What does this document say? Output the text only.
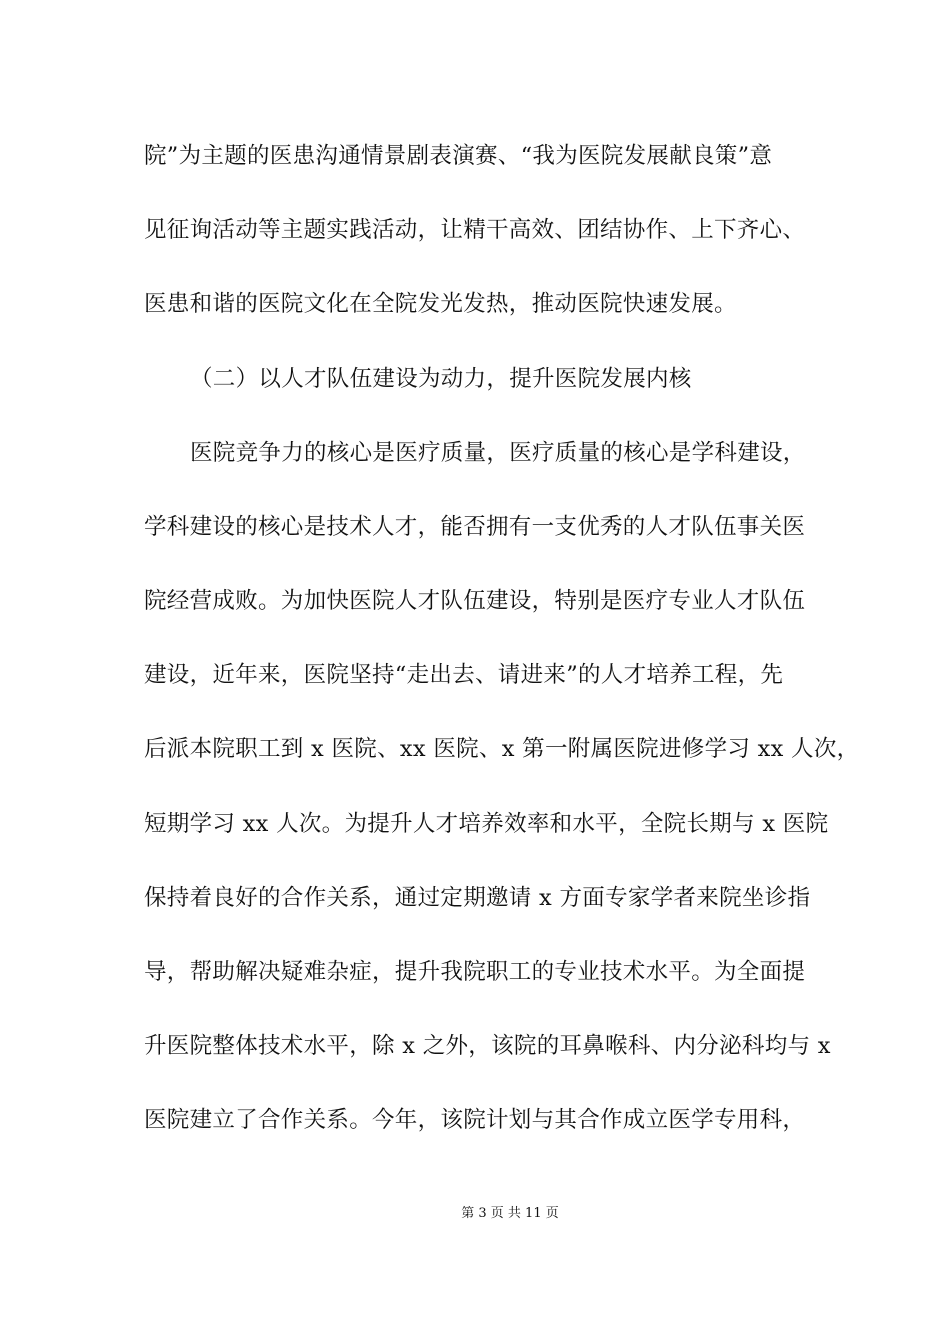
院”为主题的医患沟通情景剧表演赛、“我为医院发展献良策”意
见征询活动等主题实践活动，让精干高效、团结协作、上下齐心、
医患和谐的医院文化在全院发光发热，推动医院快速发展。
（二）以人才队伍建设为动力，提升医院发展内核
医院竞争力的核心是医疗质量，医疗质量的核心是学科建设，
学科建设的核心是技术人才，能否拥有一支优秀的人才队伍事关医
院经营成败。为加快医院人才队伍建设，特别是医疗专业人才队伍
建设，近年来，医院坚持“走出去、请进来”的人才培养工程，先
后派本院职工到 x 医院、xx 医院、x 第一附属医院进修学习 xx 人次，
短期学习 xx 人次。为提升人才培养效率和水平，全院长期与 x 医院
保持着良好的合作关系，通过定期邀请 x 方面专家学者来院坐诊指
导，帮助解决疑难杂症，提升我院职工的专业技术水平。为全面提
升医院整体技术水平，除 x 之外，该院的耳鼻喉科、内分泌科均与 x
医院建立了合作关系。今年，该院计划与其合作成立医学专用科，
第 3 页 共 11 页
